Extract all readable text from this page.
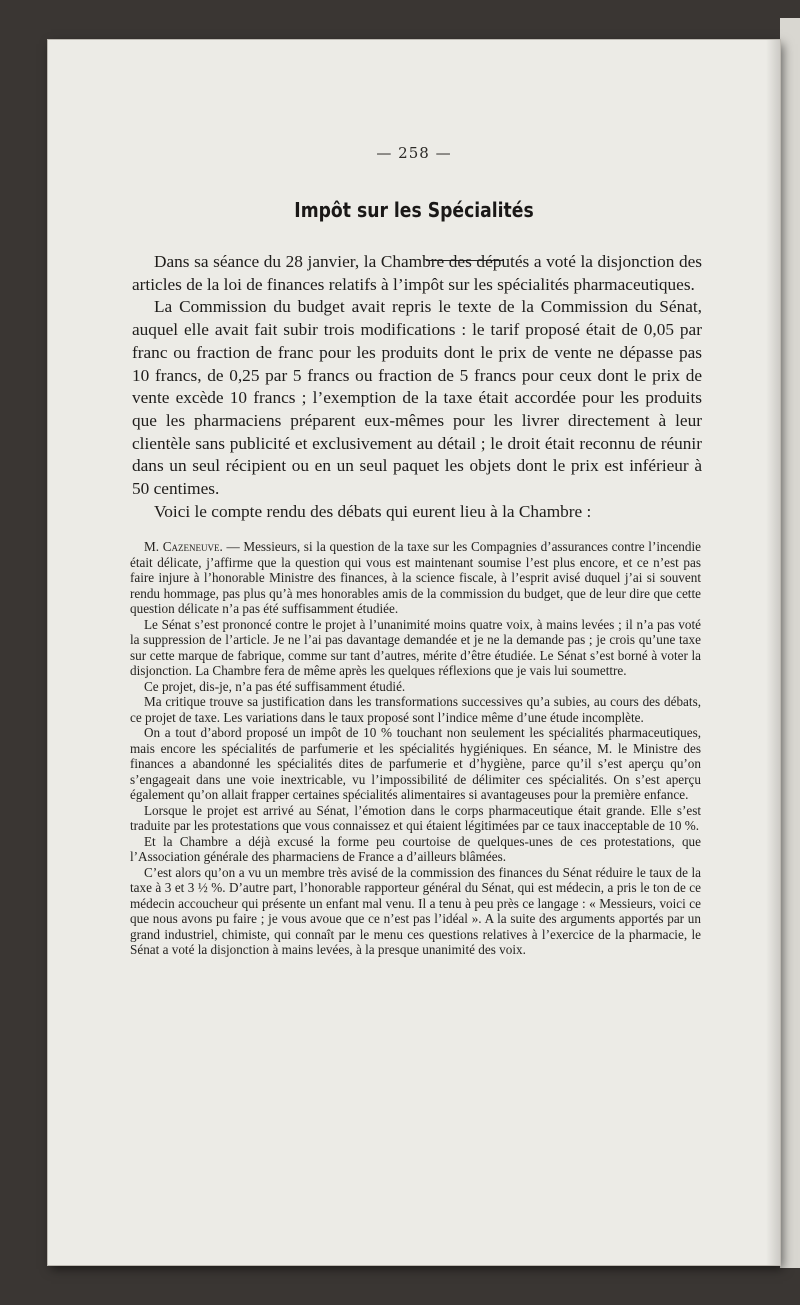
— 258 —
Impôt sur les Spécialités

Dans sa séance du 28 janvier, la Chambre des députés a voté la disjonction des articles de la loi de finances relatifs à l’impôt sur les spécialités pharmaceutiques.

La Commission du budget avait repris le texte de la Commission du Sénat, auquel elle avait fait subir trois modifications : le tarif proposé était de 0,05 par franc ou fraction de franc pour les produits dont le prix de vente ne dépasse pas 10 francs, de 0,25 par 5 francs ou fraction de 5 francs pour ceux dont le prix de vente excède 10 francs ; l’exemption de la taxe était accordée pour les produits que les pharmaciens préparent eux-mêmes pour les livrer directement à leur clientèle sans publicité et exclusivement au détail ; le droit était reconnu de réunir dans un seul récipient ou en un seul paquet les objets dont le prix est inférieur à 50 centimes.

Voici le compte rendu des débats qui eurent lieu à la Chambre :

M. Cazeneuve. — Messieurs, si la question de la taxe sur les Compagnies d’assurances contre l’incendie était délicate, j’affirme que la question qui vous est maintenant soumise l’est plus encore, et ce n’est pas faire injure à l’honorable Ministre des finances, à la science fiscale, à l’esprit avisé duquel j’ai si souvent rendu hommage, pas plus qu’à mes honorables amis de la commission du budget, que de leur dire que cette question délicate n’a pas été suffisamment étudiée.

Le Sénat s’est prononcé contre le projet à l’unanimité moins quatre voix, à mains levées ; il n’a pas voté la suppression de l’article. Je ne l’ai pas davantage demandée et je ne la demande pas ; je crois qu’une taxe sur cette marque de fabrique, comme sur tant d’autres, mérite d’être étudiée. Le Sénat s’est borné à voter la disjonction. La Chambre fera de même après les quelques réflexions que je vais lui soumettre.

Ce projet, dis-je, n’a pas été suffisamment étudié.

Ma critique trouve sa justification dans les transformations successives qu’a subies, au cours des débats, ce projet de taxe. Les variations dans le taux proposé sont l’indice même d’une étude incomplète.

On a tout d’abord proposé un impôt de 10 % touchant non seulement les spécialités pharmaceutiques, mais encore les spécialités de parfumerie et les spécialités hygiéniques. En séance, M. le Ministre des finances a abandonné les spécialités dites de parfumerie et d’hygiène, parce qu’il s’est aperçu qu’on s’engageait dans une voie inextricable, vu l’impossibilité de délimiter ces spécialités. On s’est aperçu également qu’on allait frapper certaines spécialités alimentaires si avantageuses pour la première enfance.

Lorsque le projet est arrivé au Sénat, l’émotion dans le corps pharmaceutique était grande. Elle s’est traduite par les protestations que vous connaissez et qui étaient légitimées par ce taux inacceptable de 10 %.

Et la Chambre a déjà excusé la forme peu courtoise de quelques-unes de ces protestations, que l’Association générale des pharmaciens de France a d’ailleurs blâmées.

C’est alors qu’on a vu un membre très avisé de la commission des finances du Sénat réduire le taux de la taxe à 3 et 3 ½ %. D’autre part, l’honorable rapporteur général du Sénat, qui est médecin, a pris le ton de ce médecin accoucheur qui présente un enfant mal venu. Il a tenu à peu près ce langage : « Messieurs, voici ce que nous avons pu faire ; je vous avoue que ce n’est pas l’idéal ». A la suite des arguments apportés par un grand industriel, chimiste, qui connaît par le menu ces questions relatives à l’exercice de la pharmacie, le Sénat a voté la disjonction à mains levées, à la presque unanimité des voix.
